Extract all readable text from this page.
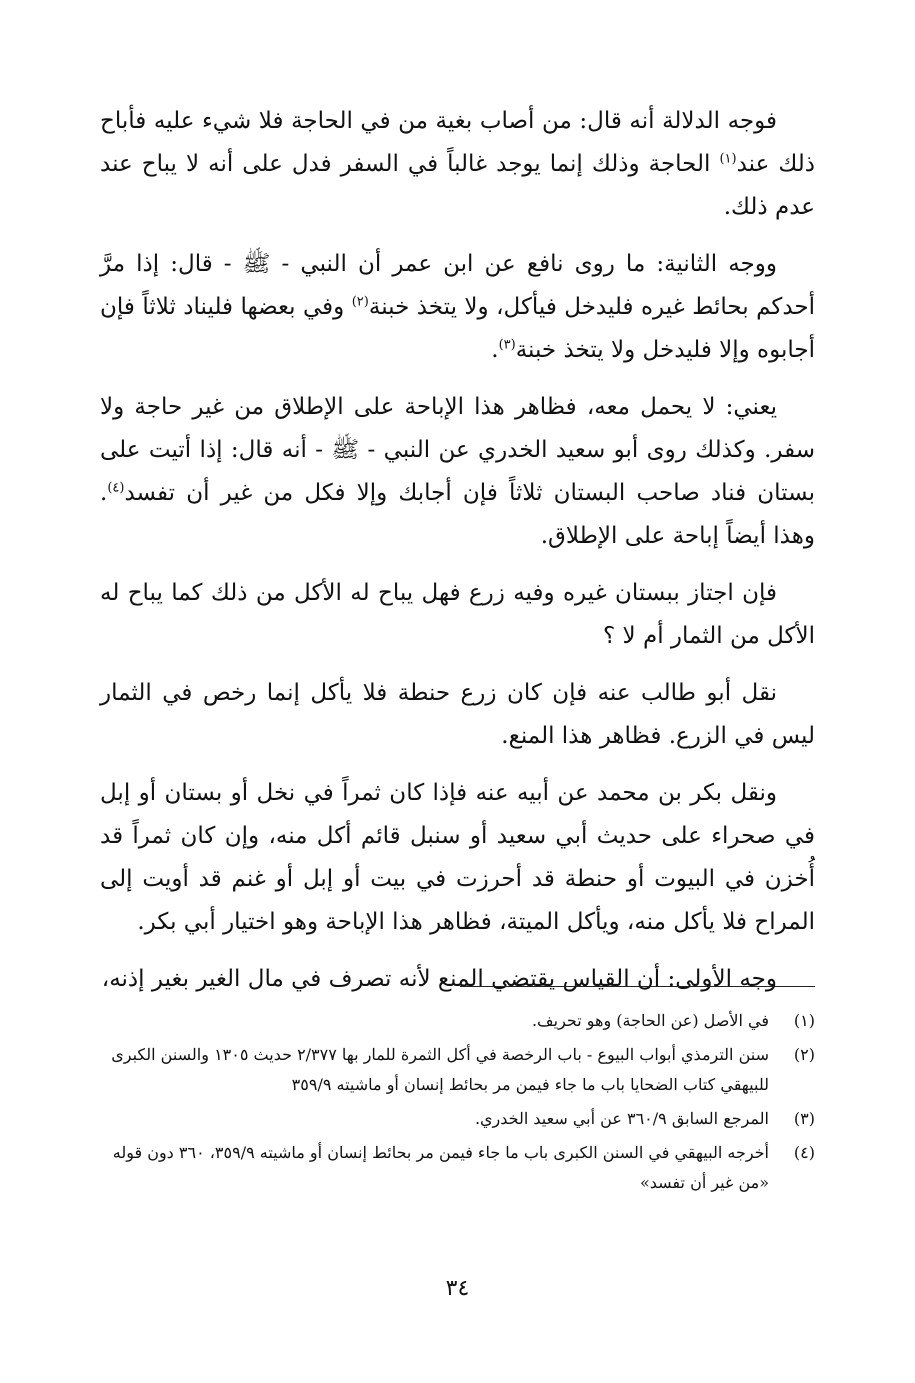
فوجه الدلالة أنه قال: من أصاب بغية من في الحاجة فلا شيء عليه فأباح ذلك عند$^{(١)}$ الحاجة وذلك إنما يوجد غالباً في السفر فدل على أنه لا يباح عند عدم ذلك.

ووجه الثانية: ما روى نافع عن ابن عمر أن النبي - ﷺ - قال: إذا مرَّ أحدكم بحائط غيره فليدخل فيأكل، ولا يتخذ خبنة$^{(٢)}$ وفي بعضها فليناد ثلاثاً فإن أجابوه وإلا فليدخل ولا يتخذ خبنة$^{(٣)}$.

يعني: لا يحمل معه، فظاهر هذا الإباحة على الإطلاق من غير حاجة ولا سفر. وكذلك روى أبو سعيد الخدري عن النبي - ﷺ - أنه قال: إذا أتيت على بستان فناد صاحب البستان ثلاثاً فإن أجابك وإلا فكل من غير أن تفسد$^{(٤)}$. وهذا أيضاً إباحة على الإطلاق.

فإن اجتاز ببستان غيره وفيه زرع فهل يباح له الأكل من ذلك كما يباح له الأكل من الثمار أم لا ؟

نقل أبو طالب عنه فإن كان زرع حنطة فلا يأكل إنما رخص في الثمار ليس في الزرع. فظاهر هذا المنع.

ونقل بكر بن محمد عن أبيه عنه فإذا كان ثمراً في نخل أو بستان أو إبل في صحراء على حديث أبي سعيد أو سنبل قائم أكل منه، وإن كان ثمراً قد أُخزن في البيوت أو حنطة قد أحرزت في بيت أو إبل أو غنم قد أويت إلى المراح فلا يأكل منه، ويأكل الميتة، فظاهر هذا الإباحة وهو اختيار أبي بكر.

وجه الأولى: أن القياس يقتضي المنع لأنه تصرف في مال الغير بغير إذنه،

(١)
في الأصل (عن الحاجة) وهو تحريف.
(٢)
سنن الترمذي أبواب البيوع - باب الرخصة في أكل الثمرة للمار بها ٢/٣٧٧ حديث ١٣٠٥ والسنن الكبرى للبيهقي كتاب الضحايا باب ما جاء فيمن مر بحائط إنسان أو ماشيته ٣٥٩/٩
(٣)
المرجع السابق ٣٦٠/٩ عن أبي سعيد الخدري.
(٤)
أخرجه البيهقي في السنن الكبرى باب ما جاء فيمن مر بحائط إنسان أو ماشيته ٣٥٩/٩، ٣٦٠ دون قوله «من غير أن تفسد»
٣٤
